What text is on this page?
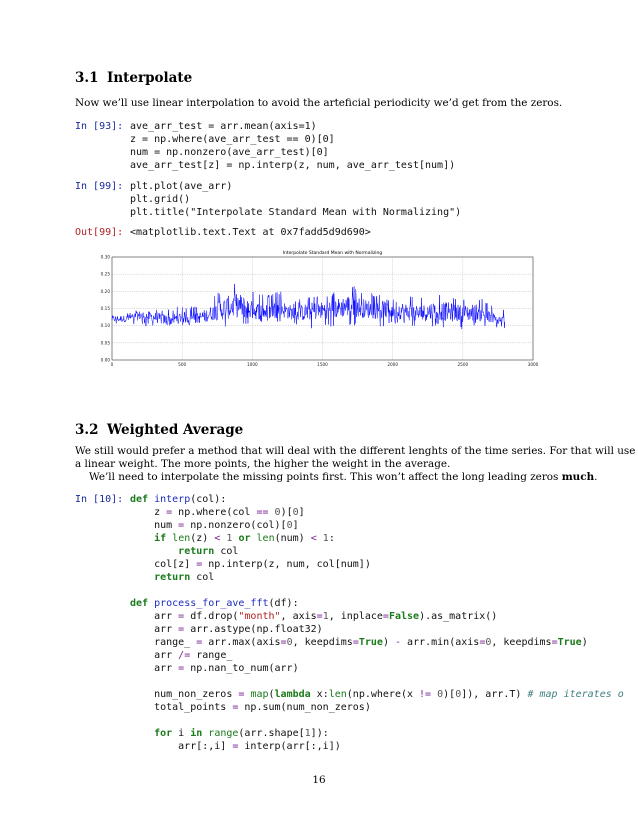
3.1 Interpolate

Now we’ll use linear interpolation to avoid the arteficial periodicity we’d get from the zeros.

In [93]: ave_arr_test = arr.mean(axis=1)
z = np.where(ave_arr_test == 0)[0]
num = np.nonzero(ave_arr_test)[0]
ave_arr_test[z] = np.interp(z, num, ave_arr_test[num])
In [99]: plt.plot(ave_arr)
plt.grid()
plt.title("Interpolate Standard Mean with Normalizing")
Out[99]: <matplotlib.text.Text at 0x7fadd5d9d690>
0	500	1000	1500	2000	2500	3000
0.30
0.25
0.20
0.15
0.10
0.05
0.00
Interpolate Standard Mean with Normalizing
3.2 Weighted Average

We still would prefer a method that will deal with the different lenghts of the time series. For that will use

a linear weight. The more points, the higher the weight in the average.

We’ll need to interpolate the missing points first. This won’t affect the long leading zeros much.

In [10]: def interp(col):
z = np.where(col == 0)[0]
num = np.nonzero(col)[0]
if len(z) < 1 or len(num) < 1:
return col
col[z] = np.interp(z, num, col[num])
return col
def process_for_ave_fft(df):
arr = df.drop("month", axis=1, inplace=False).as_matrix()
arr = arr.astype(np.float32)
range_ = arr.max(axis=0, keepdims=True) - arr.min(axis=0, keepdims=True)
arr /= range_
arr = np.nan_to_num(arr)
num_non_zeros = map(lambda x:len(np.where(x != 0)[0]), arr.T) # map iterates o
total_points = np.sum(num_non_zeros)
for i in range(arr.shape[1]):
arr[:,i] = interp(arr[:,i])
16
